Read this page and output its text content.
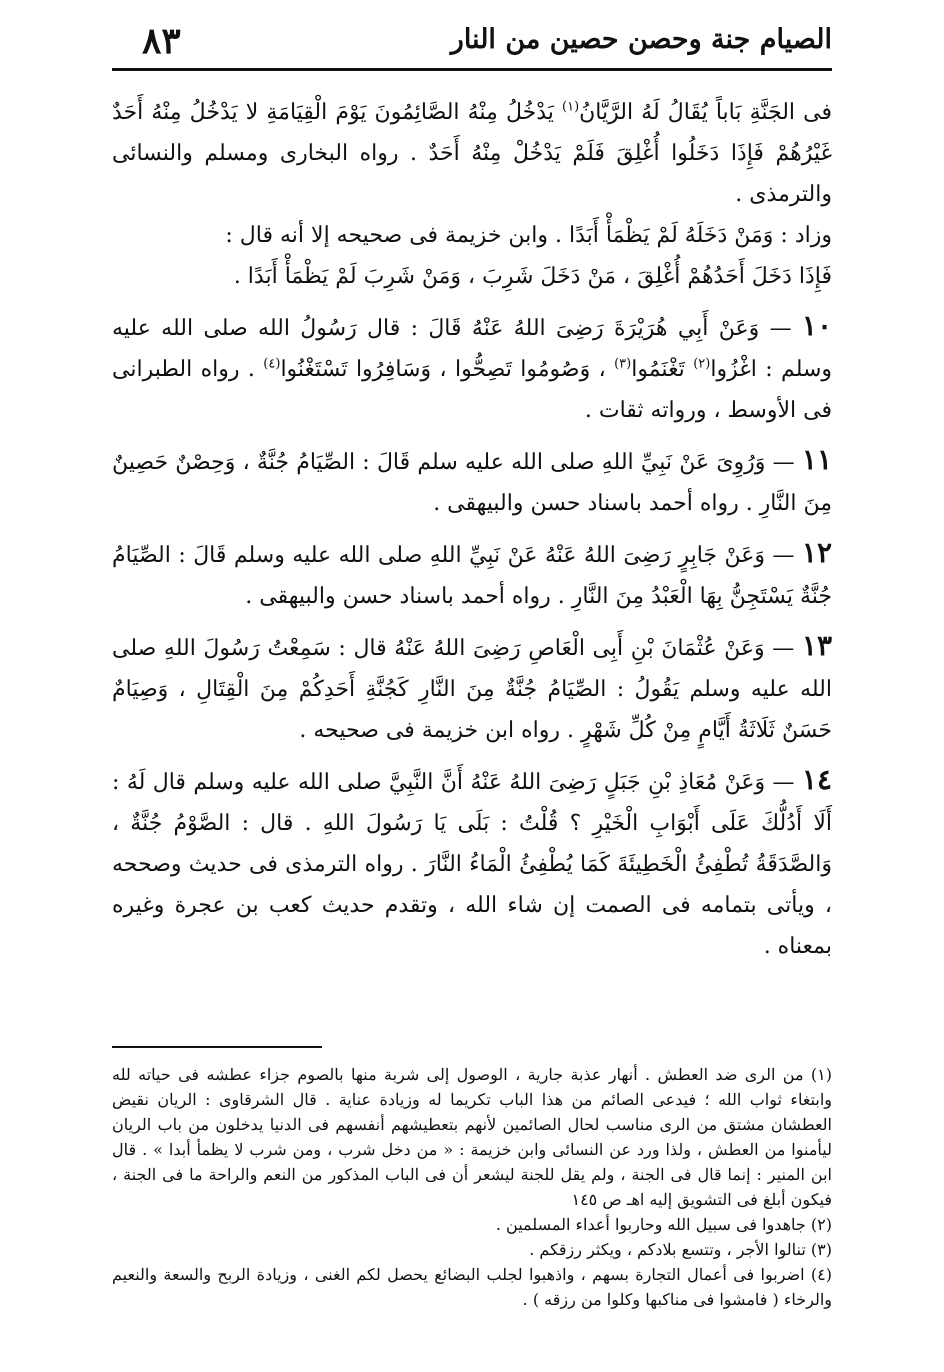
الصيام جنة وحصن حصين من النار
٨٣

فى الجَنَّةِ بَاباً يُقَالُ لَهُ الرَّيَّانُ$^{(١)}$ يَدْخُلُ مِنْهُ الصَّائِمُونَ يَوْمَ الْقِيَامَةِ لا يَدْخُلُ مِنْهُ أَحَدٌ غَيْرُهُمْ فَإِذَا دَخَلُوا أُغْلِقَ فَلَمْ يَدْخُلْ مِنْهُ أَحَدٌ . رواه البخارى ومسلم والنسائى والترمذى .

وزاد : وَمَنْ دَخَلَهُ لَمْ يَظْمَأْ أَبَدًا . وابن خزيمة فى صحيحه إلا أنه قال :

فَإِذَا دَخَلَ أَحَدُهُمْ أُغْلِقَ ، مَنْ دَخَلَ شَرِبَ ، وَمَنْ شَرِبَ لَمْ يَظْمَأْ أَبَدًا .

١٠ — وَعَنْ أَبِي هُرَيْرَةَ رَضِىَ اللهُ عَنْهُ قَالَ : قال رَسُولُ الله صلى الله عليه وسلم : اغْزُوا$^{(٢)}$ تَغْنَمُوا$^{(٣)}$ ، وَصُومُوا تَصِحُّوا ، وَسَافِرُوا تَسْتَغْنُوا$^{(٤)}$ . رواه الطبرانى فى الأوسط ، ورواته ثقات .

١١ — وَرُوِىَ عَنْ نَبِيِّ اللهِ صلى الله عليه سلم قَالَ : الصِّيَامُ جُنَّةٌ ، وَحِصْنٌ حَصِينٌ مِنَ النَّارِ . رواه أحمد باسناد حسن والبيهقى .

١٢ — وَعَنْ جَابِرٍ رَضِىَ اللهُ عَنْهُ عَنْ نَبِيِّ اللهِ صلى الله عليه وسلم قَالَ : الصِّيَامُ جُنَّةٌ يَسْتَجِنُّ بِهَا الْعَبْدُ مِنَ النَّارِ . رواه أحمد باسناد حسن والبيهقى .

١٣ — وَعَنْ عُثْمَانَ بْنِ أَبِى الْعَاصِ رَضِىَ اللهُ عَنْهُ قال : سَمِعْتُ رَسُولَ اللهِ صلى الله عليه وسلم يَقُولُ : الصِّيَامُ جُنَّةٌ مِنَ النَّارِ كَجُنَّةِ أَحَدِكُمْ مِنَ الْقِتَالِ ، وَصِيَامٌ حَسَنٌ ثَلَاثَةُ أَيَّامٍ مِنْ كُلِّ شَهْرٍ . رواه ابن خزيمة فى صحيحه .

١٤ — وَعَنْ مُعَاذِ بْنِ جَبَلٍ رَضِىَ اللهُ عَنْهُ أَنَّ النَّبِيَّ صلى الله عليه وسلم قال لَهُ : أَلَا أَدُلُّكَ عَلَى أَبْوَابِ الْخَيْرِ ؟ قُلْتُ : بَلَى يَا رَسُولَ اللهِ . قال : الصَّوْمُ جُنَّةٌ ، وَالصَّدَقَةُ تُطْفِئُ الْخَطِيئَةَ كَمَا يُطْفِئُ الْمَاءُ النَّارَ . رواه الترمذى فى حديث وصححه ، ويأتى بتمامه فى الصمت إن شاء الله ، وتقدم حديث كعب بن عجرة وغيره بمعناه .

(١) من الرى ضد العطش . أنهار عذبة جارية ، الوصول إلى شربة منها بالصوم جزاء عطشه فى حياته لله وابتغاء ثواب الله ؛ فيدعى الصائم من هذا الباب تكريما له وزيادة عناية . قال الشرقاوى : الريان نقيض العطشان مشتق من الرى مناسب لحال الصائمين لأنهم بتعطيشهم أنفسهم فى الدنيا يدخلون من باب الريان ليأمنوا من العطش ، ولذا ورد عن النسائى وابن خزيمة : « من دخل شرب ، ومن شرب لا يظمأ أبدا » . قال ابن المنير : إنما قال فى الجنة ، ولم يقل للجنة ليشعر أن فى الباب المذكور من النعم والراحة ما فى الجنة ، فيكون أبلغ فى التشويق إليه اهـ ص ١٤٥

(٢) جاهدوا فى سبيل الله وحاربوا أعداء المسلمين .

(٣) تنالوا الأجر ، وتتسع بلادكم ، ويكثر رزقكم .

(٤) اضربوا فى أعمال التجارة بسهم ، واذهبوا لجلب البضائع يحصل لكم الغنى ، وزيادة الربح والسعة والنعيم والرخاء ( فامشوا فى مناكبها وكلوا من رزقه ) .
